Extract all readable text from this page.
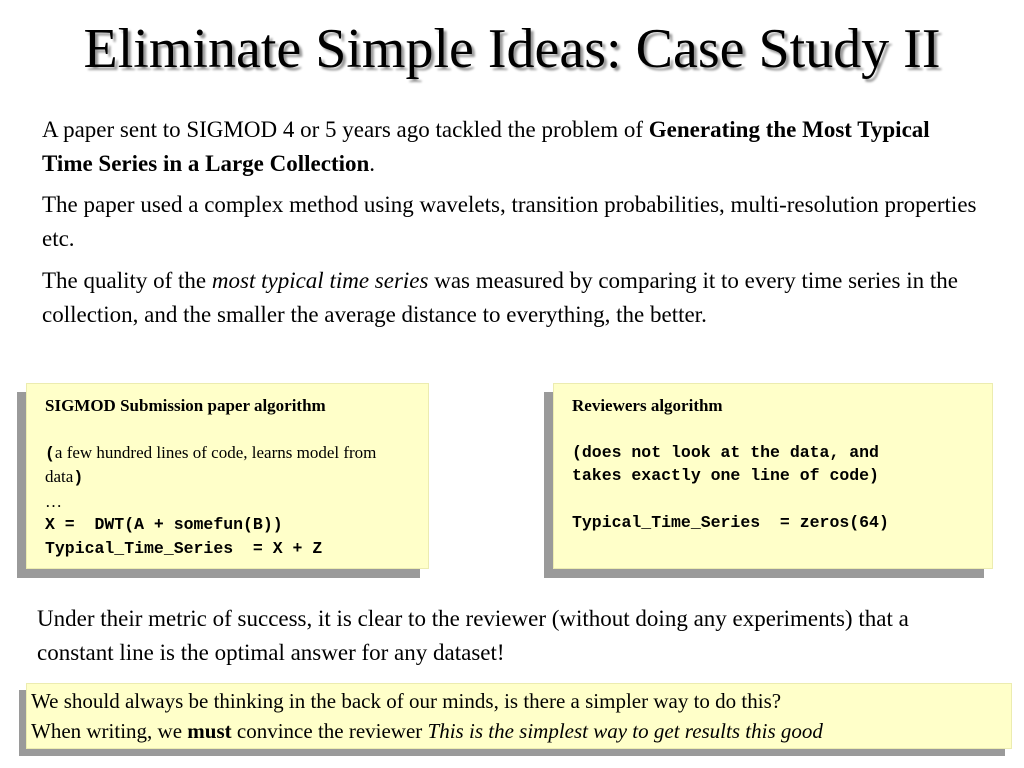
Eliminate Simple Ideas: Case Study II
A paper sent to SIGMOD 4 or 5 years ago tackled the problem of Generating the Most Typical Time Series in a Large Collection.
The paper used a complex method using wavelets, transition probabilities, multi-resolution properties etc.
The quality of the most typical time series was measured by comparing it to every time series in the collection, and the smaller the average distance to everything, the better.
SIGMOD Submission paper algorithm
(a few hundred lines of code, learns model from data)
…
X =  DWT(A + somefun(B))
Typical_Time_Series  = X + Z
Reviewers algorithm
(does not look at the data, and
takes exactly one line of code)
Typical_Time_Series  = zeros(64)
Under their metric of success, it is clear to the reviewer (without doing any experiments) that a constant line is the optimal answer for any dataset!
We should always be thinking in the back of our minds, is there a simpler way to do this?
When writing, we must convince the reviewer This is the simplest way to get results this good
